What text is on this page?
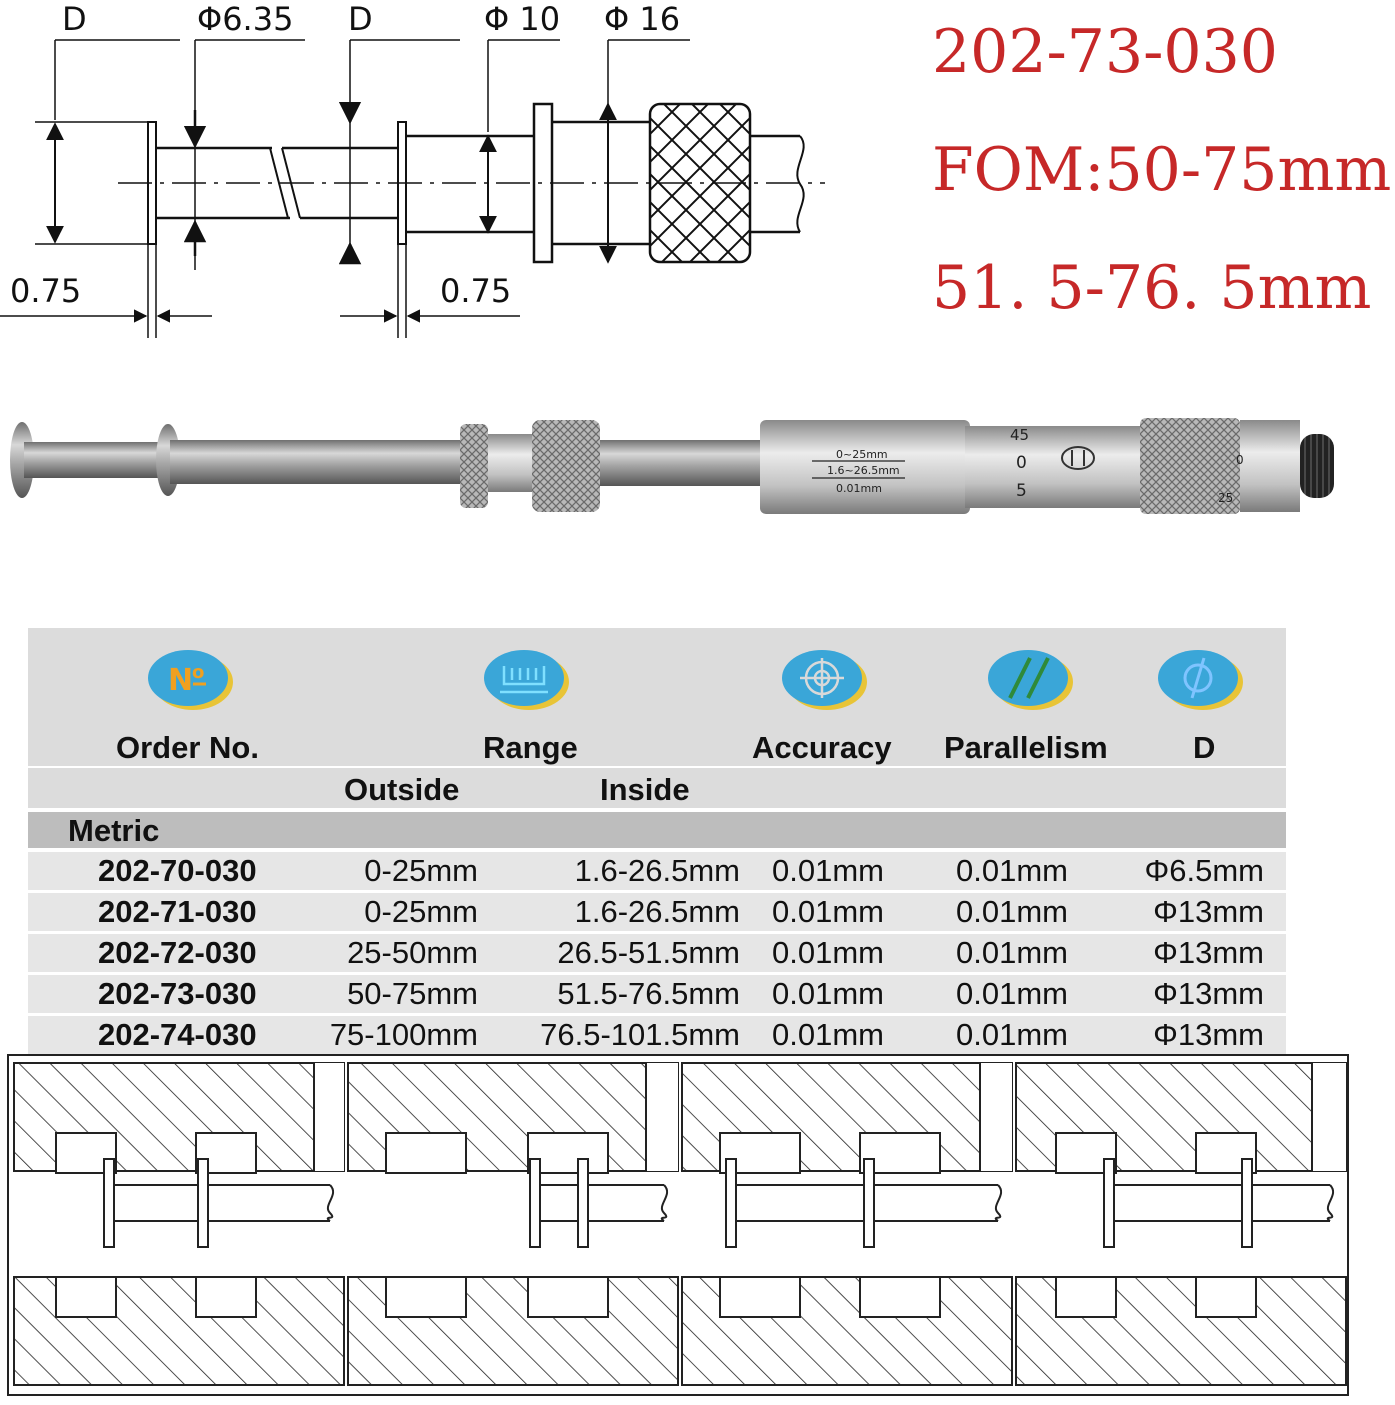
D	Φ6.35 D	Φ 10 Φ 16
0.75	0.75
202-73-030
FOM:50-75mm
51. 5-76. 5mm
0~25mm
1.6~26.5mm
0.01mm
45
0
5
0
25
N
o
Order No.	Range	Accuracy Parallelism	D
Outside	Inside
Metric
202-70-030	0-25mm	1.6-26.5mm 0.01mm 0.01mm Φ6.5mm
202-71-030	0-25mm	1.6-26.5mm 0.01mm 0.01mm	Φ13mm
202-72-030	25-50mm	26.5-51.5mm 0.01mm 0.01mm	Φ13mm
202-73-030	50-75mm	51.5-76.5mm 0.01mm 0.01mm	Φ13mm
202-74-030 75-100mm 76.5-101.5mm 0.01mm 0.01mm	Φ13mm
